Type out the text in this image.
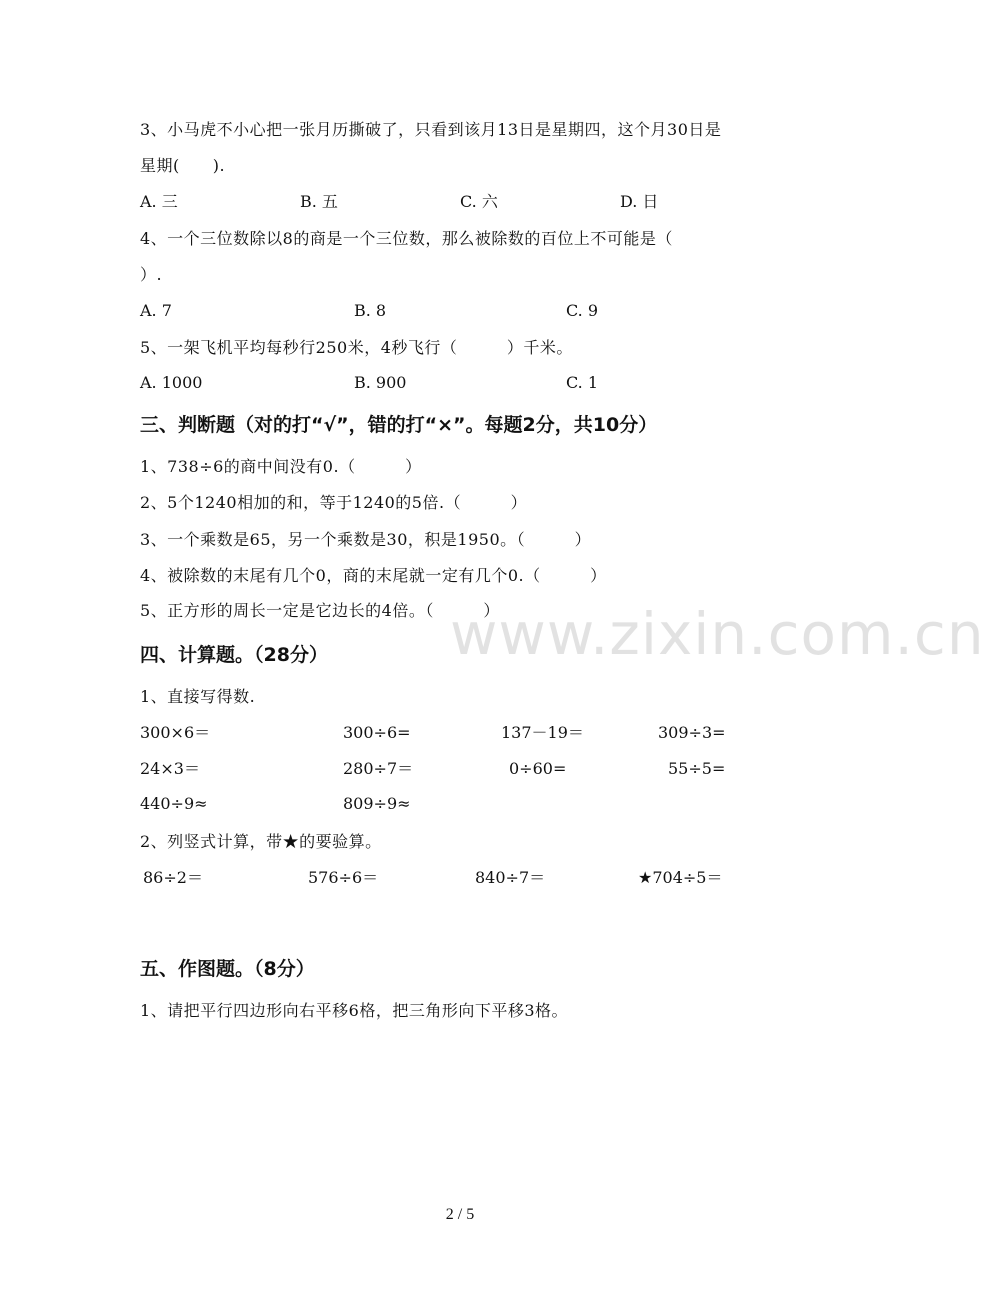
www.zixin.com.cn
3、小马虎不小心把一张月历撕破了，只看到该月13日是星期四，这个月30日是
星期(　　).
A. 三	B. 五	C. 六	D. 日
4、一个三位数除以8的商是一个三位数，那么被除数的百位上不可能是（
）.
A. 7	B. 8	C. 9
5、一架飞机平均每秒行250米，4秒飞行（　　　）千米。
A. 1000	B. 900	C. 1
三、判断题（对的打“√”，错的打“×”。每题2分，共10分）
1、738÷6的商中间没有0.（　　　）
2、5个1240相加的和，等于1240的5倍.（　　　）
3、一个乘数是65，另一个乘数是30，积是1950。（　　　）
4、被除数的末尾有几个0，商的末尾就一定有几个0.（　　　）
5、正方形的周长一定是它边长的4倍。（　　　）
四、计算题。（28分）
1、直接写得数.
300×6＝	300÷6=	137－19＝	309÷3=
24×3＝	280÷7＝	0÷60=	55÷5=
440÷9≈	809÷9≈
2、列竖式计算，带★的要验算。
86÷2＝	576÷6＝	840÷7＝	★704÷5＝
五、作图题。（8分）
1、请把平行四边形向右平移6格，把三角形向下平移3格。
2 / 5
